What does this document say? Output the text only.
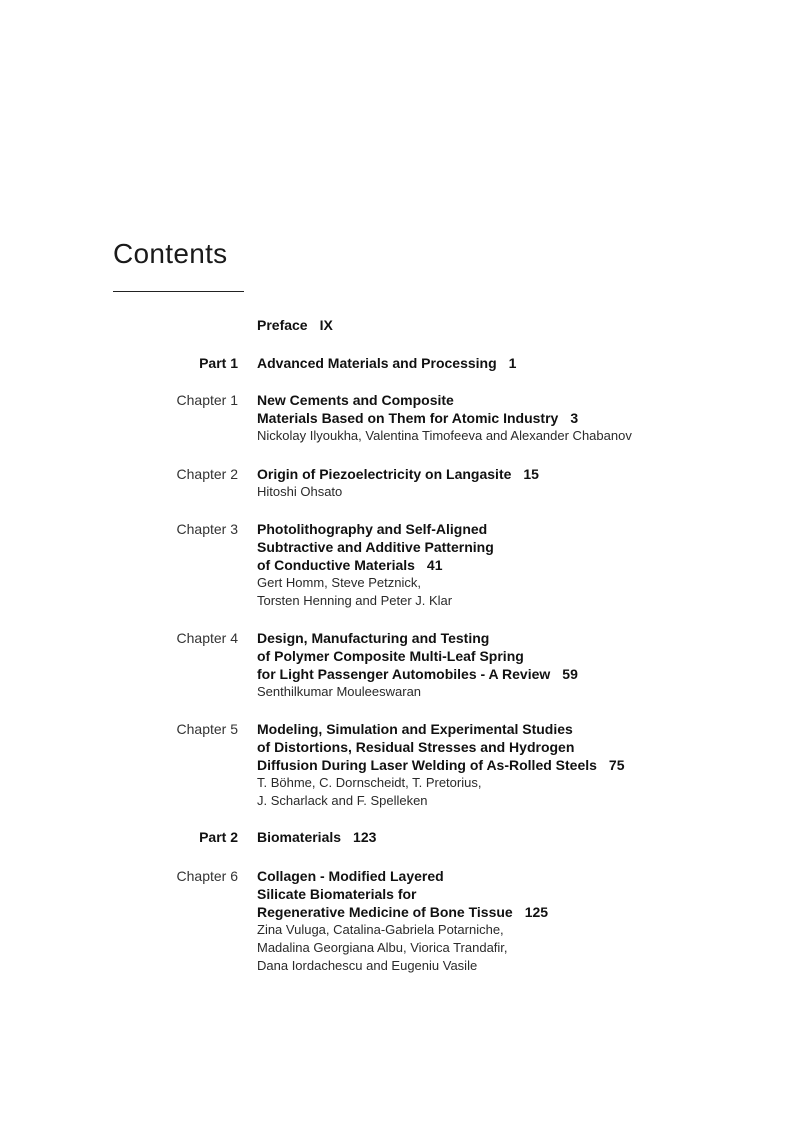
Contents
Preface IX
Part 1 Advanced Materials and Processing 1
Chapter 1 New Cements and Composite
Materials Based on Them for Atomic Industry 3
Nickolay Ilyoukha, Valentina Timofeeva and Alexander Chabanov
Chapter 2 Origin of Piezoelectricity on Langasite 15
Hitoshi Ohsato
Chapter 3 Photolithography and Self-Aligned
Subtractive and Additive Patterning
of Conductive Materials 41
Gert Homm, Steve Petznick,
Torsten Henning and Peter J. Klar
Chapter 4 Design, Manufacturing and Testing
of Polymer Composite Multi-Leaf Spring
for Light Passenger Automobiles - A Review 59
Senthilkumar Mouleeswaran
Chapter 5 Modeling, Simulation and Experimental Studies
of Distortions, Residual Stresses and Hydrogen
Diffusion During Laser Welding of As-Rolled Steels 75
T. Böhme, C. Dornscheidt, T. Pretorius,
J. Scharlack and F. Spelleken
Part 2 Biomaterials 123
Chapter 6 Collagen - Modified Layered
Silicate Biomaterials for
Regenerative Medicine of Bone Tissue 125
Zina Vuluga, Catalina-Gabriela Potarniche,
Madalina Georgiana Albu, Viorica Trandafir,
Dana Iordachescu and Eugeniu Vasile
